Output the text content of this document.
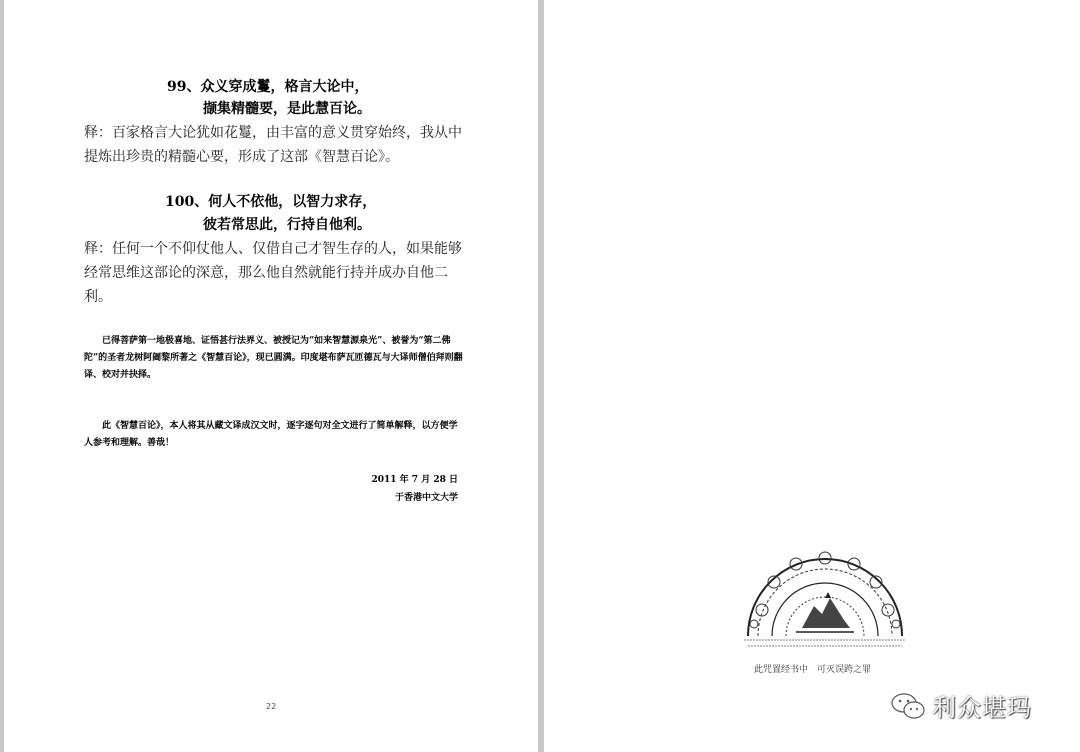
99、众义穿成鬘，格言大论中，
撷集精髓要，是此慧百论。
释：百家格言大论犹如花鬘，由丰富的意义贯穿始终，我从中提炼出珍贵的精髓心要，形成了这部《智慧百论》。
100、何人不依他，以智力求存，
彼若常思此，行持自他利。
释：任何一个不仰仗他人、仅借自己才智生存的人，如果能够经常思维这部论的深意，那么他自然就能行持并成办自他二利。
已得菩萨第一地极喜地、证悟甚行法界义、被授记为“如来智慧源泉光”、被誉为“第二佛陀”的圣者龙树阿阇黎所著之《智慧百论》，现已圆满。印度堪布萨瓦匝德瓦与大译师僧伯拜则翻译、校对并抉择。
此《智慧百论》，本人将其从藏文译成汉文时，逐字逐句对全文进行了简单解释，以方便学人参考和理解。善哉！
2011 年 7 月 28 日
于香港中文大学
22
此咒置经书中　可灭误跨之罪
利众堪玛
